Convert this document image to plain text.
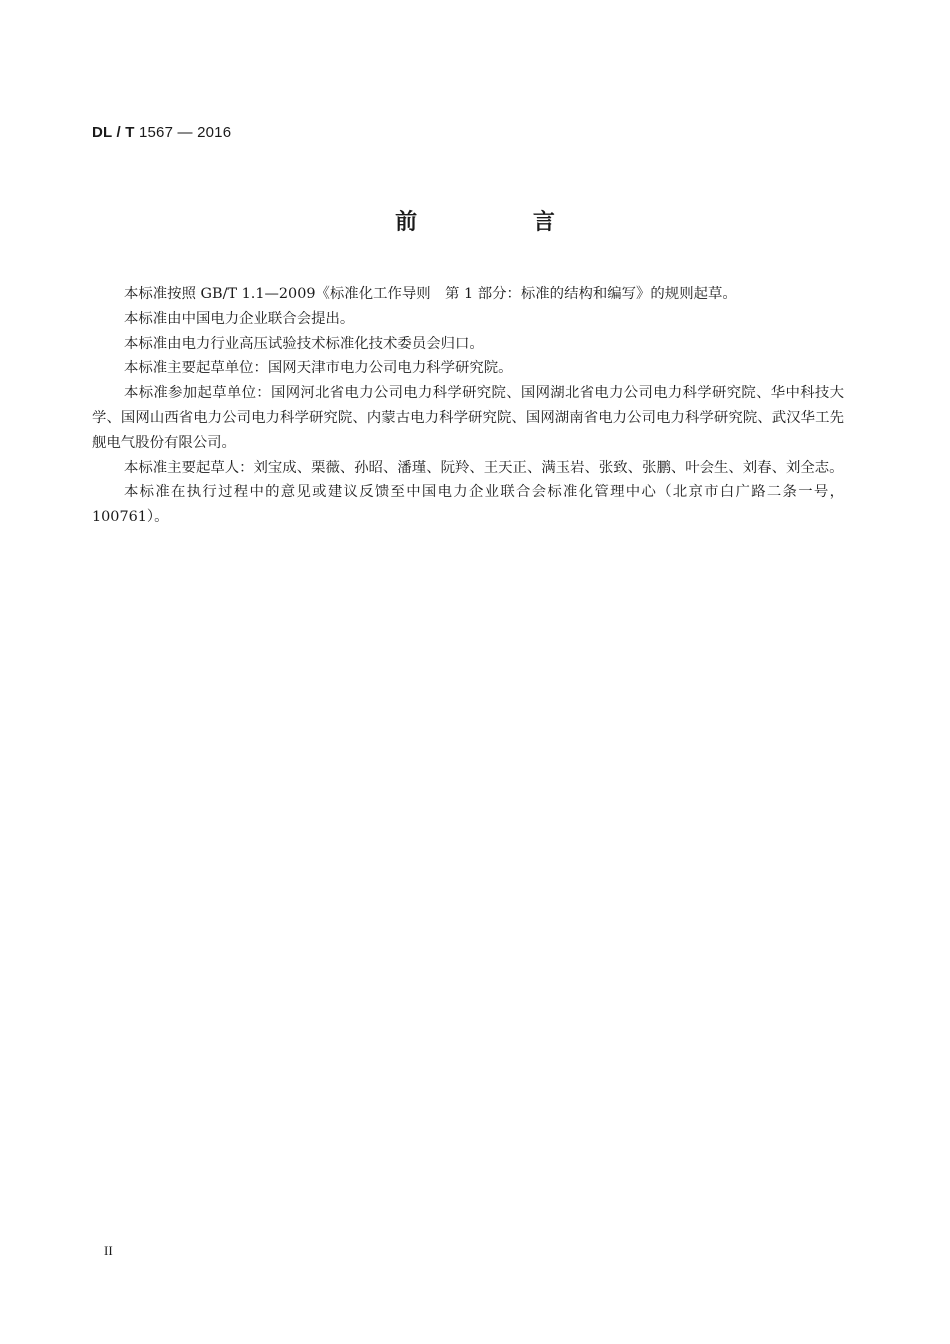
DL / T 1567 — 2016
前 言

本标准按照 GB/T 1.1—2009《标准化工作导则　第 1 部分：标准的结构和编写》的规则起草。

本标准由中国电力企业联合会提出。

本标准由电力行业高压试验技术标准化技术委员会归口。

本标准主要起草单位：国网天津市电力公司电力科学研究院。

本标准参加起草单位：国网河北省电力公司电力科学研究院、国网湖北省电力公司电力科学研究院、华中科技大学、国网山西省电力公司电力科学研究院、内蒙古电力科学研究院、国网湖南省电力公司电力科学研究院、武汉华工先舰电气股份有限公司。

本标准主要起草人：刘宝成、栗薇、孙昭、潘瑾、阮羚、王天正、满玉岩、张致、张鹏、叶会生、刘春、刘全志。

本标准在执行过程中的意见或建议反馈至中国电力企业联合会标准化管理中心（北京市白广路二条一号，100761）。

II
